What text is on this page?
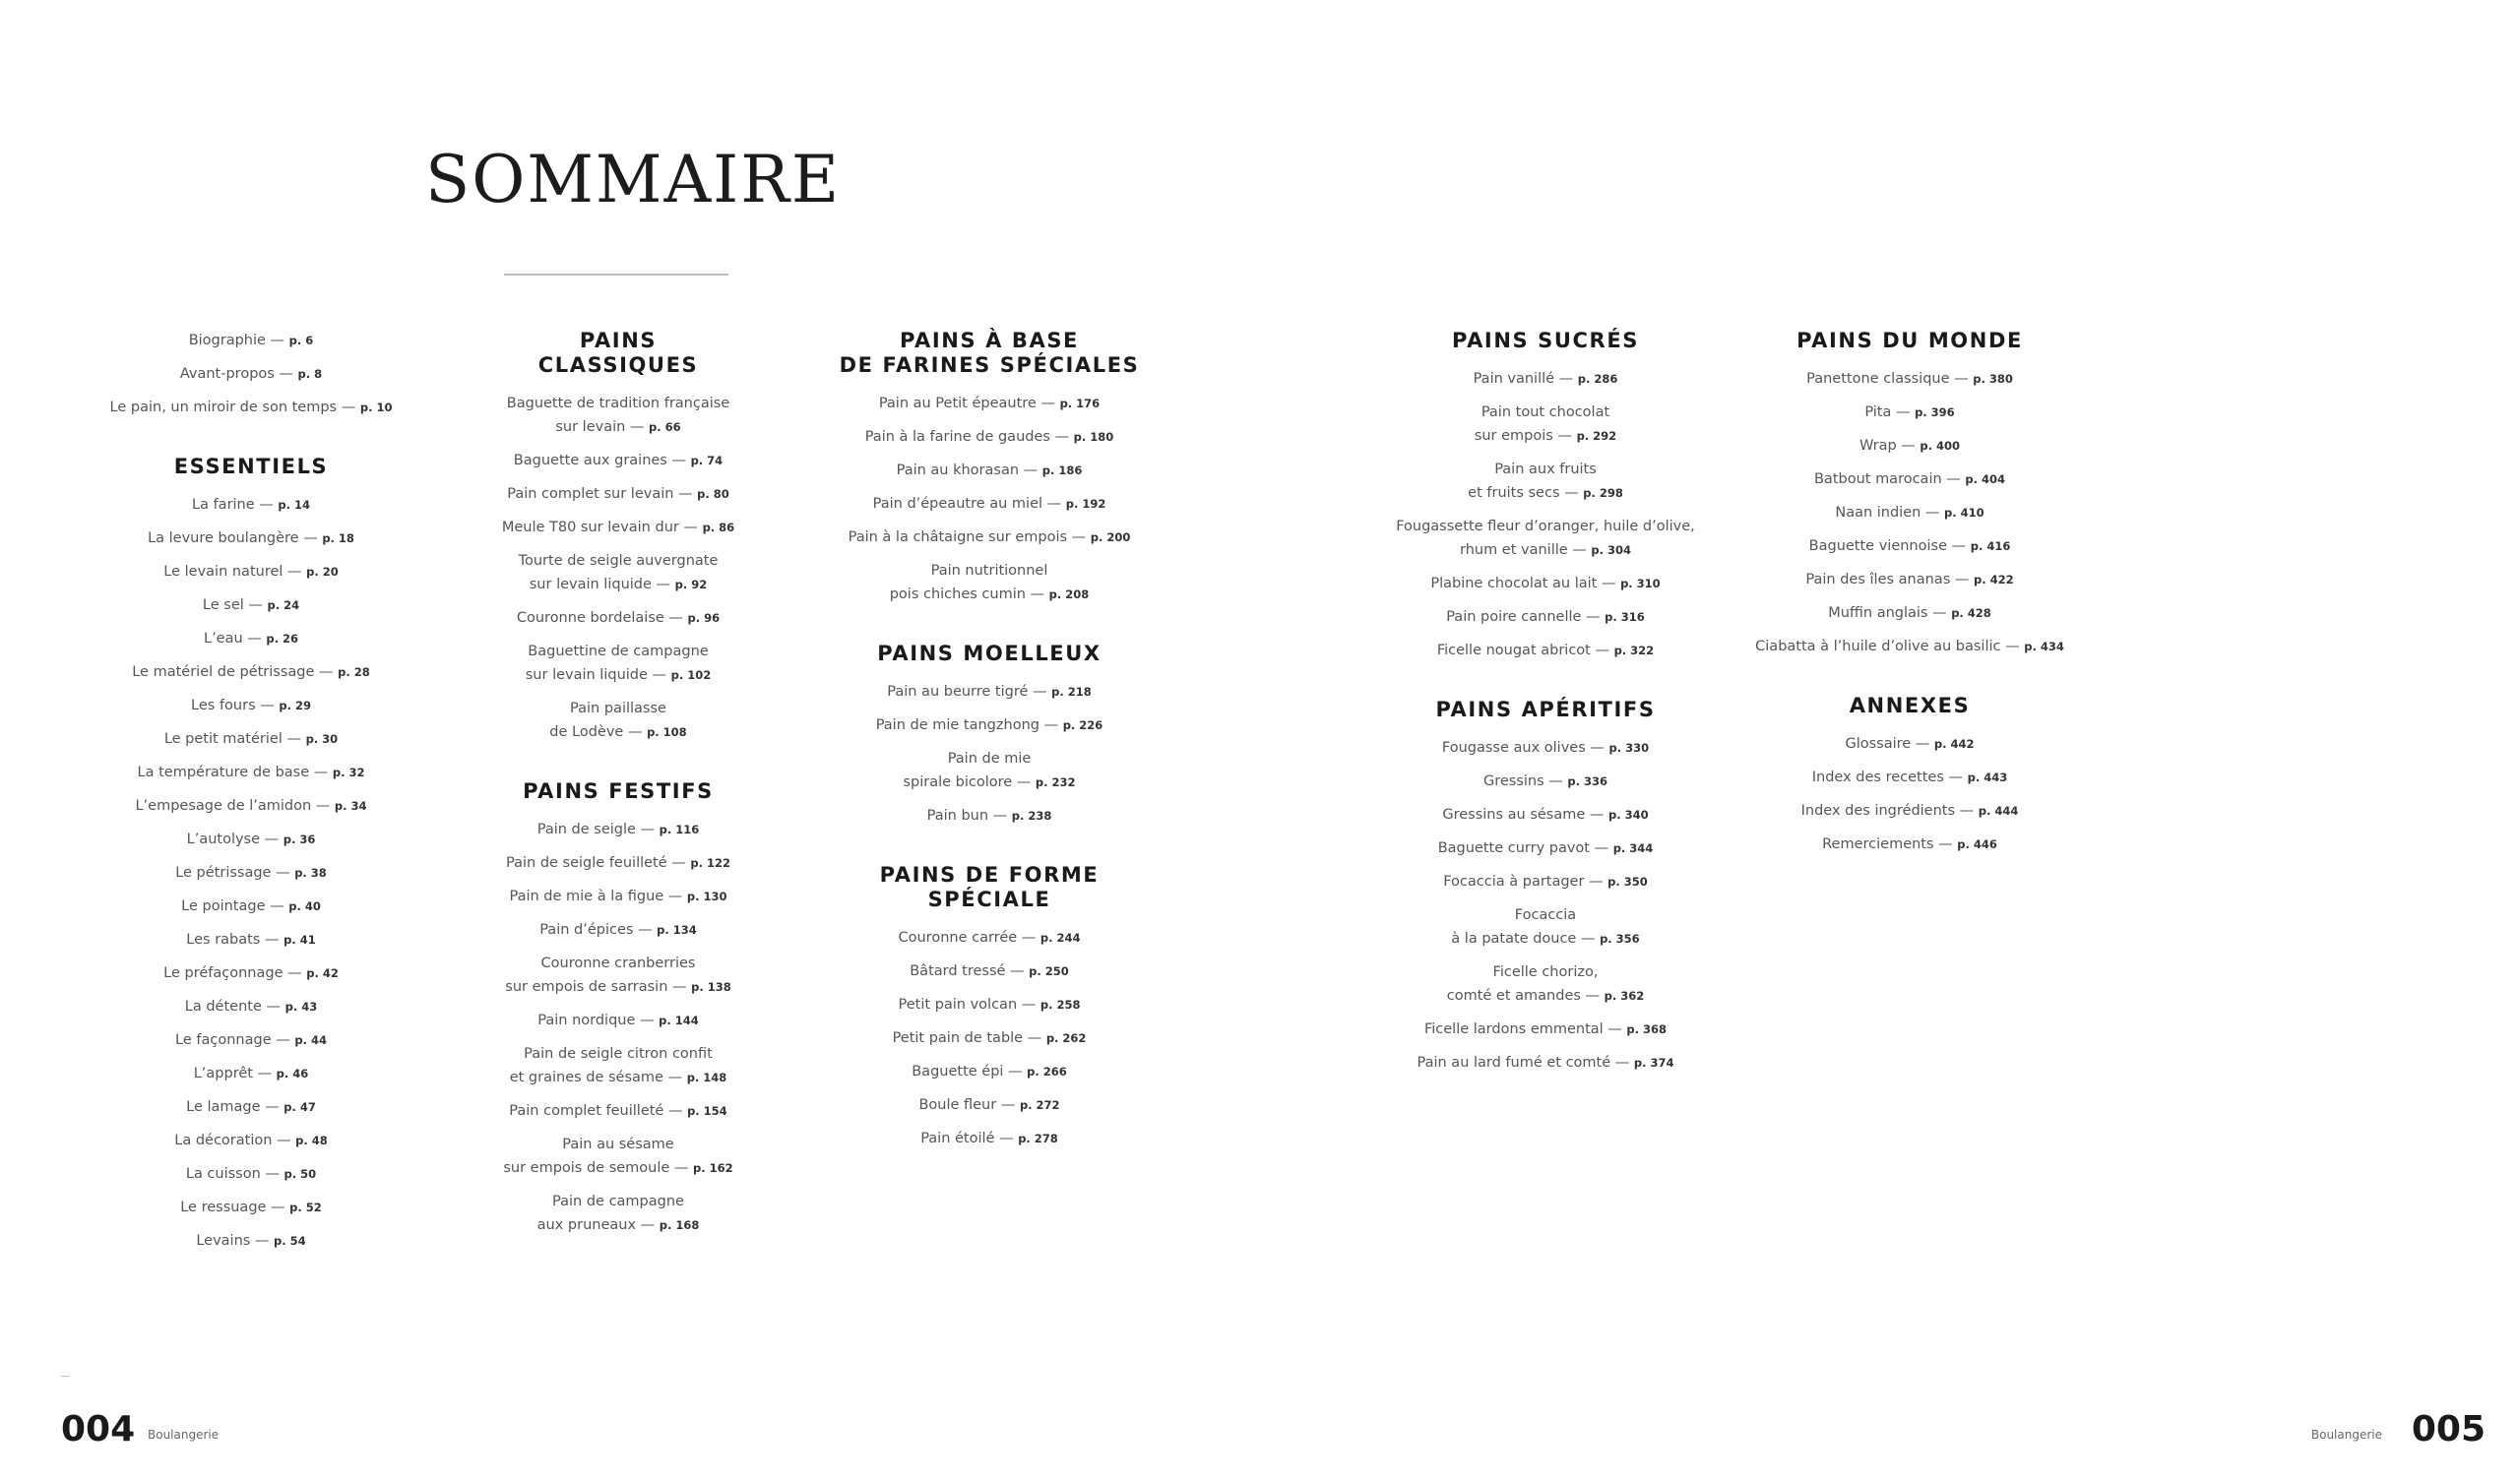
SOMMAIRE
Biographie — p. 6
Avant-propos — p. 8
Le pain, un miroir de son temps — p. 10
ESSENTIELS
La farine — p. 14
La levure boulangère — p. 18
Le levain naturel — p. 20
Le sel — p. 24
L’eau — p. 26
Le matériel de pétrissage — p. 28
Les fours — p. 29
Le petit matériel — p. 30
La température de base — p. 32
L’empesage de l’amidon — p. 34
L’autolyse — p. 36
Le pétrissage — p. 38
Le pointage — p. 40
Les rabats — p. 41
Le préfaçonnage — p. 42
La détente — p. 43
Le façonnage — p. 44
L’apprêt — p. 46
Le lamage — p. 47
La décoration — p. 48
La cuisson — p. 50
Le ressuage — p. 52
Levains — p. 54
PAINS
CLASSIQUES
Baguette de tradition française
sur levain — p. 66
Baguette aux graines — p. 74
Pain complet sur levain — p. 80
Meule T80 sur levain dur — p. 86
Tourte de seigle auvergnate
sur levain liquide — p. 92
Couronne bordelaise — p. 96
Baguettine de campagne
sur levain liquide — p. 102
Pain paillasse
de Lodève — p. 108
PAINS FESTIFS
Pain de seigle — p. 116
Pain de seigle feuilleté — p. 122
Pain de mie à la figue — p. 130
Pain d’épices — p. 134
Couronne cranberries
sur empois de sarrasin — p. 138
Pain nordique — p. 144
Pain de seigle citron confit
et graines de sésame — p. 148
Pain complet feuilleté — p. 154
Pain au sésame
sur empois de semoule — p. 162
Pain de campagne
aux pruneaux — p. 168
PAINS À BASE
DE FARINES SPÉCIALES
Pain au Petit épeautre — p. 176
Pain à la farine de gaudes — p. 180
Pain au khorasan — p. 186
Pain d’épeautre au miel — p. 192
Pain à la châtaigne sur empois — p. 200
Pain nutritionnel
pois chiches cumin — p. 208
PAINS MOELLEUX
Pain au beurre tigré — p. 218
Pain de mie tangzhong — p. 226
Pain de mie
spirale bicolore — p. 232
Pain bun — p. 238
PAINS DE FORME
SPÉCIALE
Couronne carrée — p. 244
Bâtard tressé — p. 250
Petit pain volcan — p. 258
Petit pain de table — p. 262
Baguette épi — p. 266
Boule fleur — p. 272
Pain étoilé — p. 278
PAINS SUCRÉS
Pain vanillé — p. 286
Pain tout chocolat
sur empois — p. 292
Pain aux fruits
et fruits secs — p. 298
Fougassette fleur d’oranger, huile d’olive,
rhum et vanille — p. 304
Plabine chocolat au lait — p. 310
Pain poire cannelle — p. 316
Ficelle nougat abricot — p. 322
PAINS APÉRITIFS
Fougasse aux olives — p. 330
Gressins — p. 336
Gressins au sésame — p. 340
Baguette curry pavot — p. 344
Focaccia à partager — p. 350
Focaccia
à la patate douce — p. 356
Ficelle chorizo,
comté et amandes — p. 362
Ficelle lardons emmental — p. 368
Pain au lard fumé et comté — p. 374
PAINS DU MONDE
Panettone classique — p. 380
Pita — p. 396
Wrap — p. 400
Batbout marocain — p. 404
Naan indien — p. 410
Baguette viennoise — p. 416
Pain des îles ananas — p. 422
Muffin anglais — p. 428
Ciabatta à l’huile d’olive au basilic — p. 434
ANNEXES
Glossaire — p. 442
Index des recettes — p. 443
Index des ingrédients — p. 444
Remerciements — p. 446
004 Boulangerie	Boulangerie 005
